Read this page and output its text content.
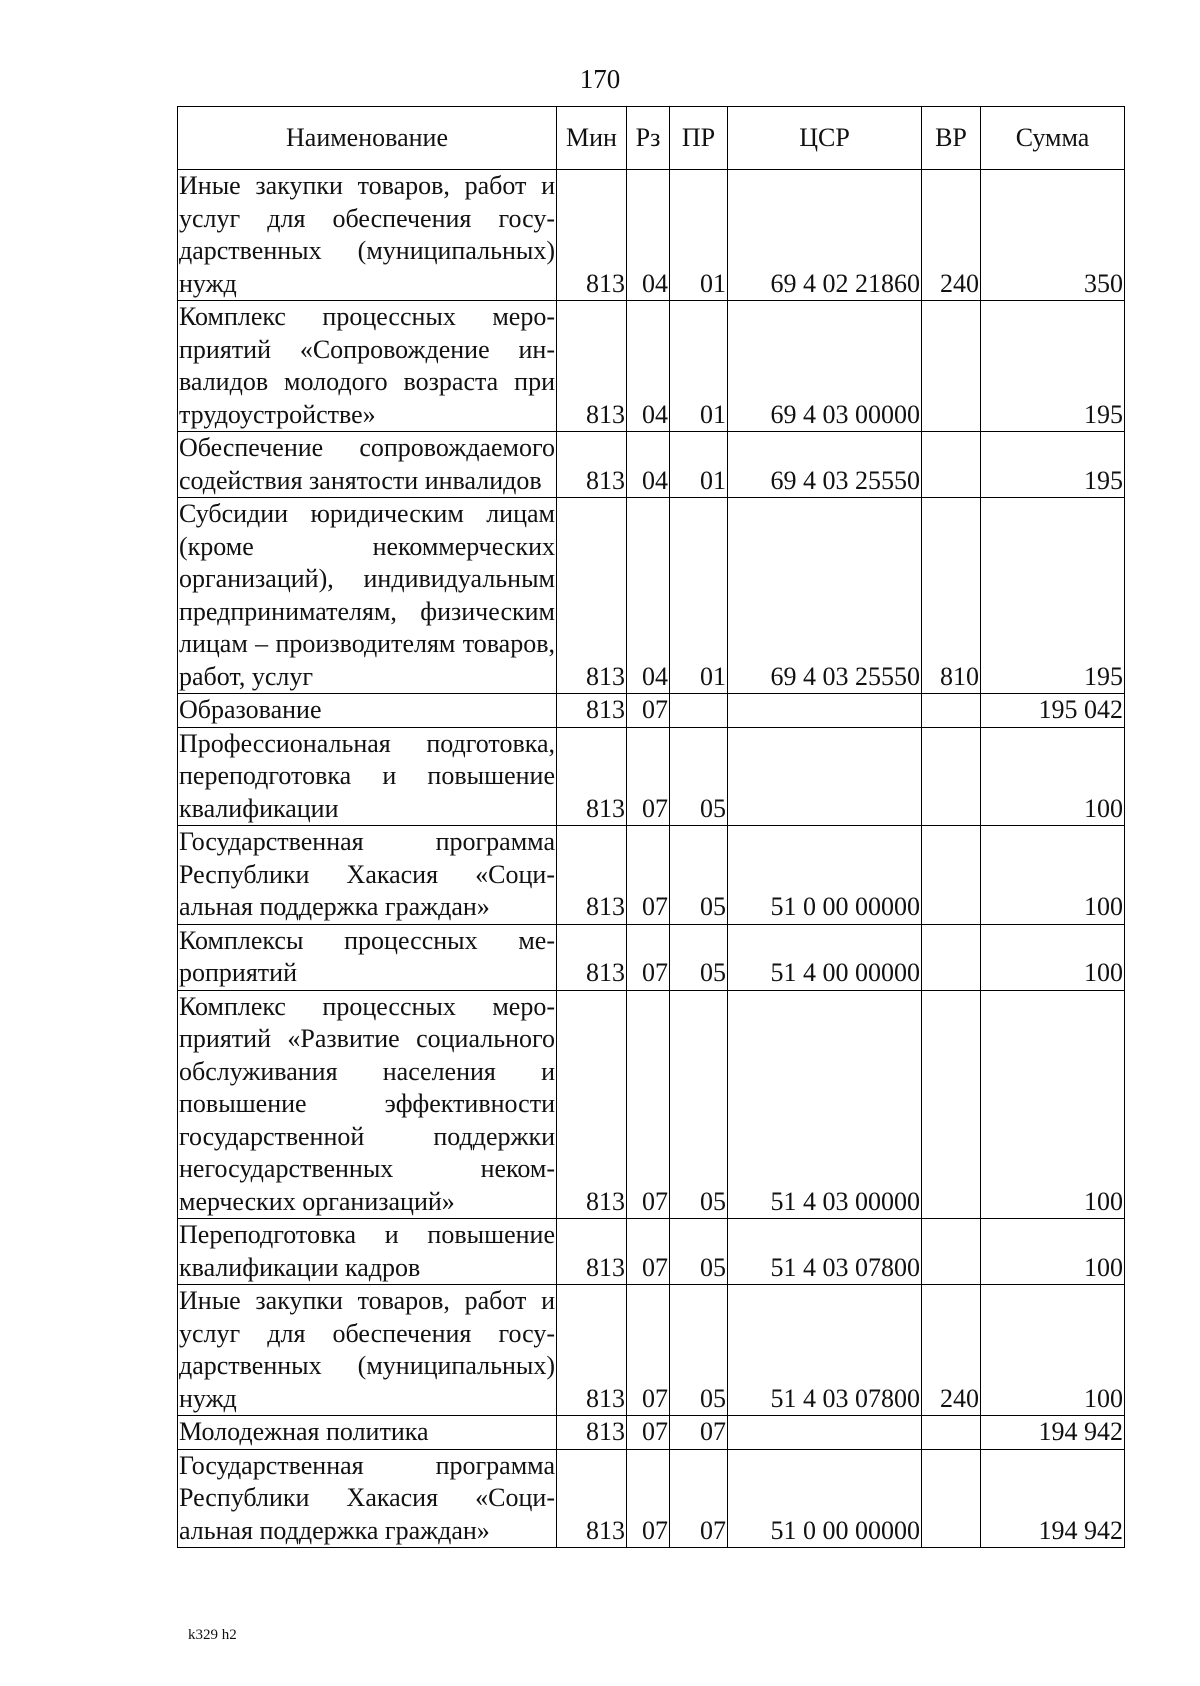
170
Наименование	Мин	Рз	ПР	ЦСР	ВР	Сумма
Иные закупки товаров, работ и услуг для обеспечения государственных (муниципальных) нужд	813	04	01	69 4 02 21860	240	350
Комплекс процессных мероприятий «Сопровождение инвалидов молодого возраста при трудоустройстве»	813	04	01	69 4 03 00000		195
Обеспечение сопровождаемого содействия занятости инвалидов	813	04	01	69 4 03 25550		195
Субсидии юридическим лицам (кроме некоммерческих организаций), индивидуальным предпринимателям, физическим лицам – производителям товаров, работ, услуг	813	04	01	69 4 03 25550	810	195
Образование	813	07				195 042
Профессиональная подготовка, переподготовка и повышение квалификации	813	07	05			100
Государственная программа Республики Хакасия «Социальная поддержка граждан»	813	07	05	51 0 00 00000		100
Комплексы процессных мероприятий	813	07	05	51 4 00 00000		100
Комплекс процессных мероприятий «Развитие социального обслуживания населения и повышение эффективности государственной поддержки негосударственных некоммерческих организаций»	813	07	05	51 4 03 00000		100
Переподготовка и повышение квалификации кадров	813	07	05	51 4 03 07800		100
Иные закупки товаров, работ и услуг для обеспечения государственных (муниципальных) нужд	813	07	05	51 4 03 07800	240	100
Молодежная политика	813	07	07			194 942
Государственная программа Республики Хакасия «Социальная поддержка граждан»	813	07	07	51 0 00 00000		194 942
k329 h2
